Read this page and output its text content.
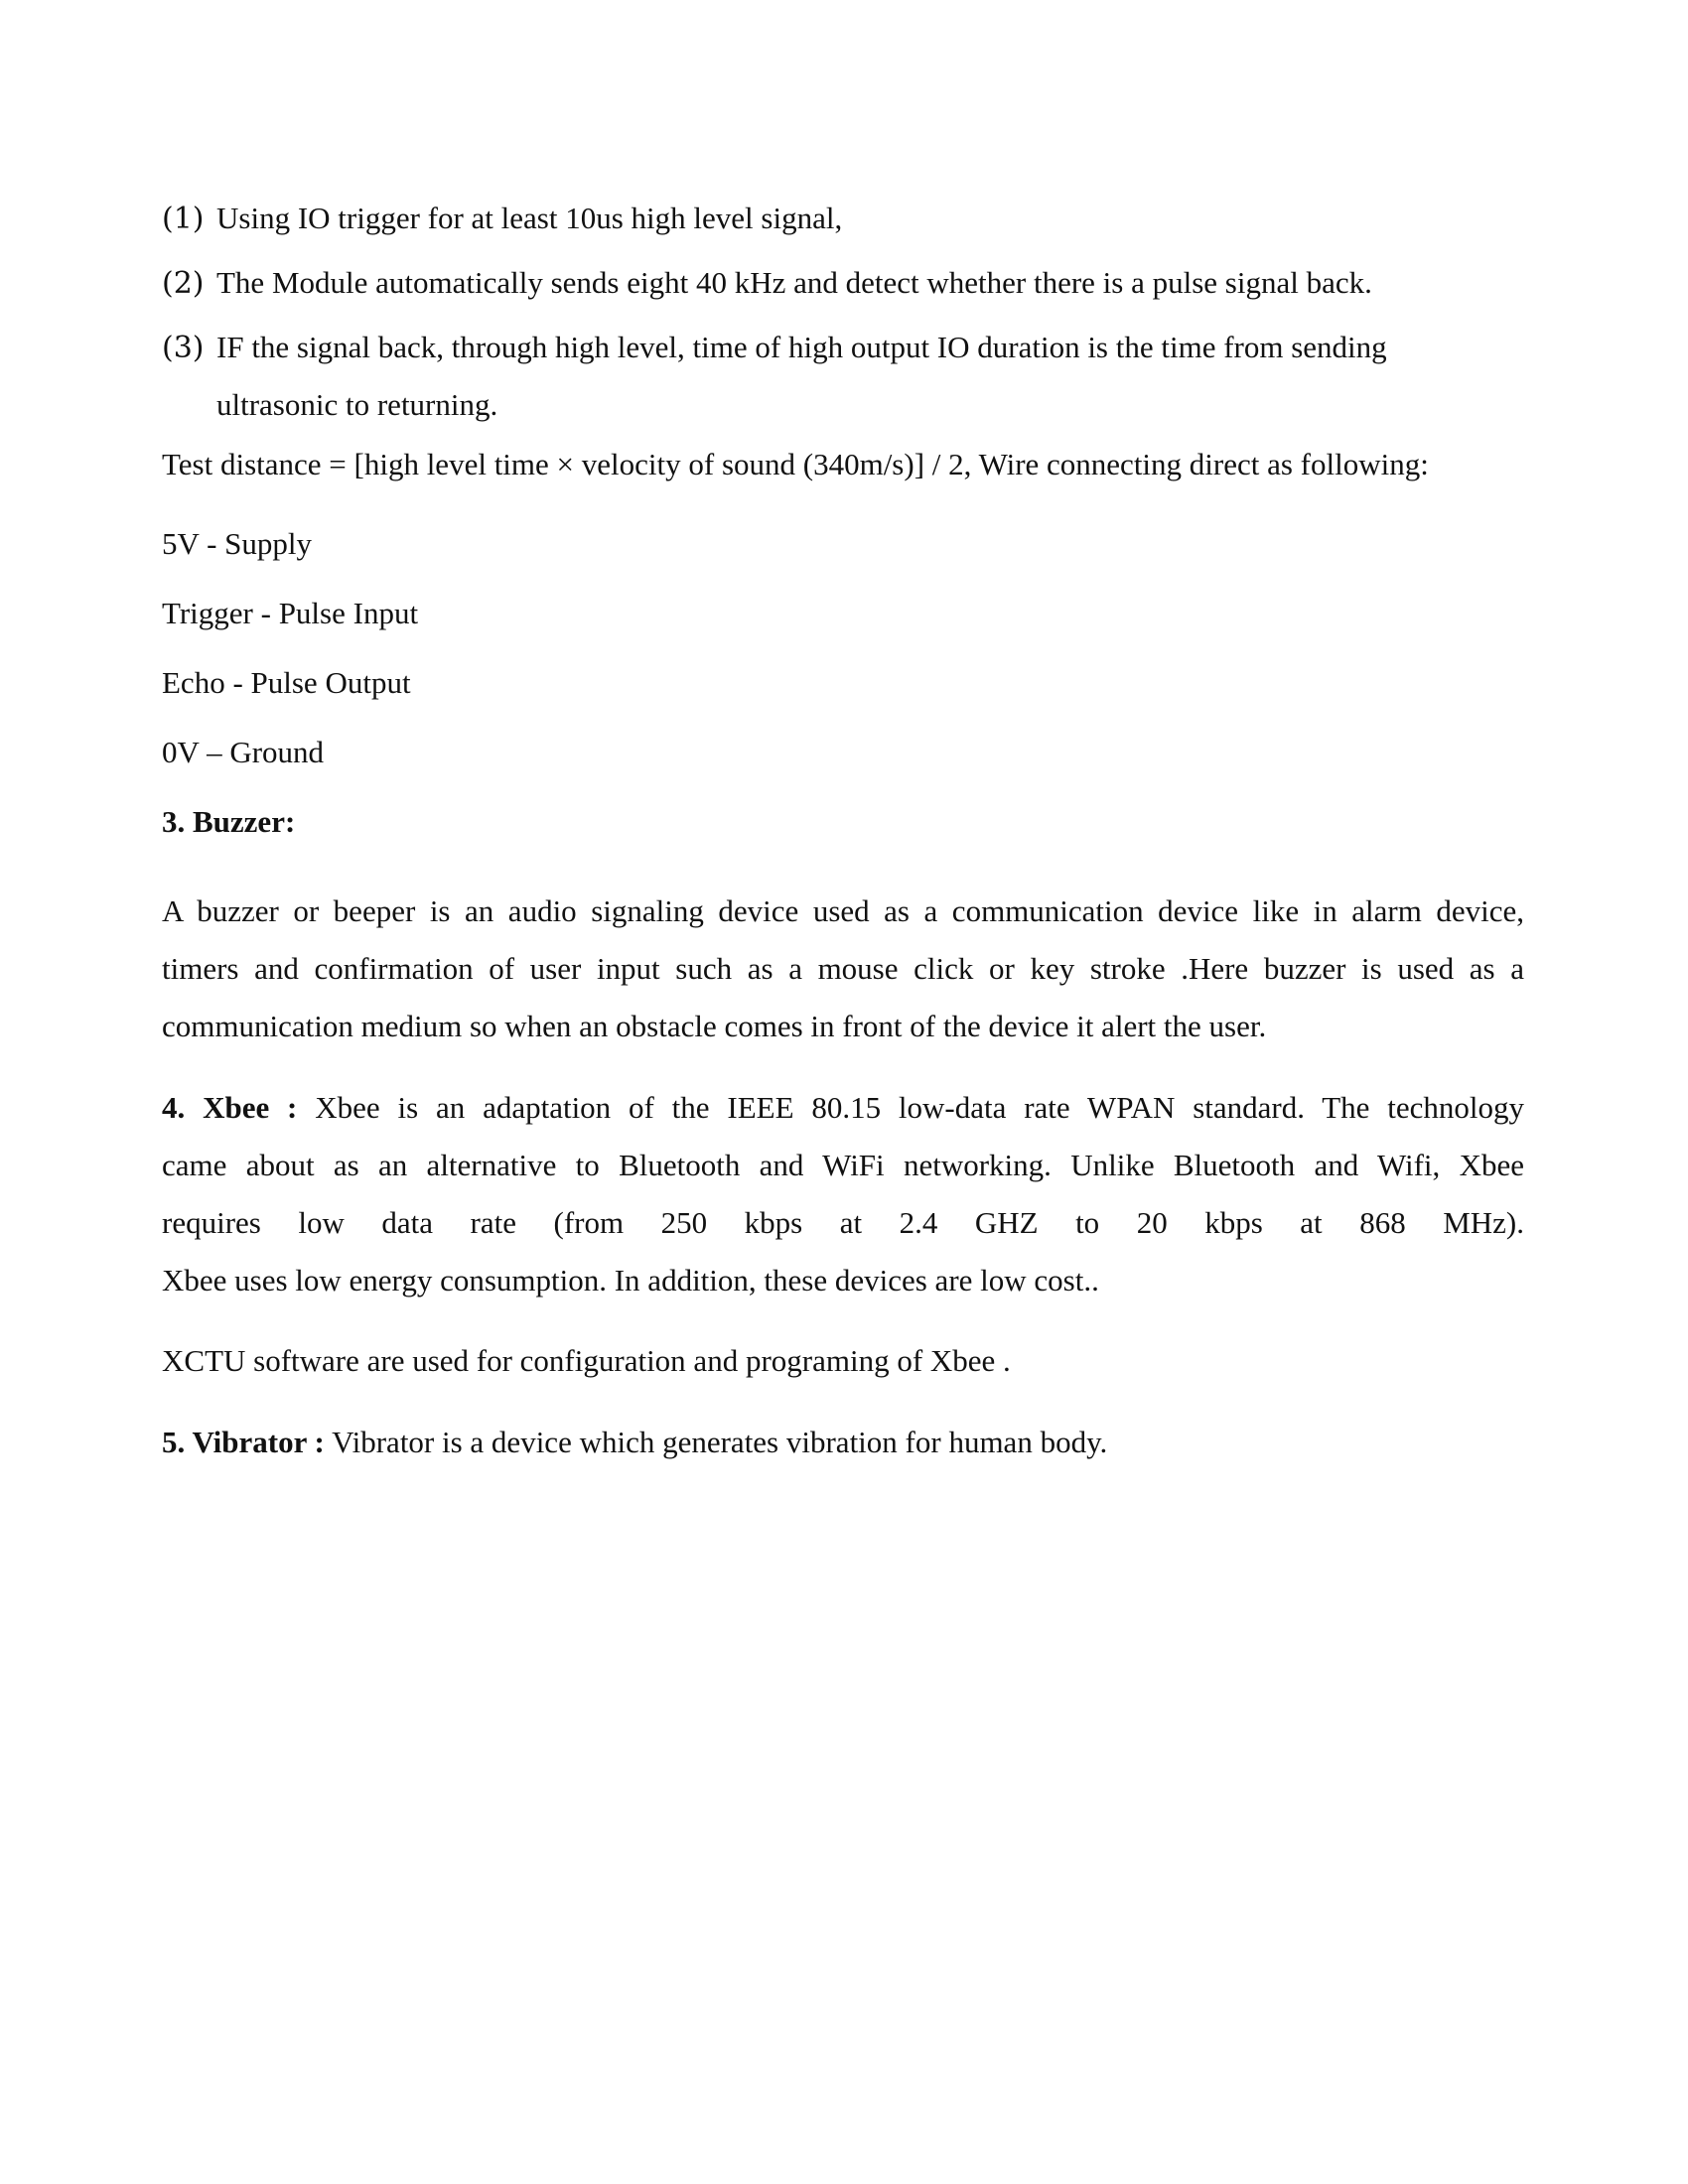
(1) Using IO trigger for at least 10us high level signal,
(2) The Module automatically sends eight 40 kHz and detect whether there is a pulse signal back.
(3) IF the signal back, through high level, time of high output IO duration is the time from sending
ultrasonic to returning.
Test distance = [high level time × velocity of sound (340m/s)] / 2, Wire connecting direct as following:
5V - Supply
Trigger - Pulse Input
Echo - Pulse Output
0V – Ground
3. Buzzer:
A buzzer or beeper is an audio signaling device used as a communication device like in alarm device,
timers and confirmation of user input such as a mouse click or key stroke .Here buzzer is used as a
communication medium so when an obstacle comes in front of the device it alert the user.
4. Xbee : Xbee is an adaptation of the IEEE 80.15 low-data rate WPAN standard. The technology
came about as an alternative to Bluetooth and WiFi networking. Unlike Bluetooth and Wifi, Xbee
requires low data rate (from 250 kbps at 2.4 GHZ to 20 kbps at 868 MHz).
Xbee uses low energy consumption. In addition, these devices are low cost..
XCTU software are used for configuration and programing of Xbee .
5. Vibrator : Vibrator is a device which generates vibration for human body.
